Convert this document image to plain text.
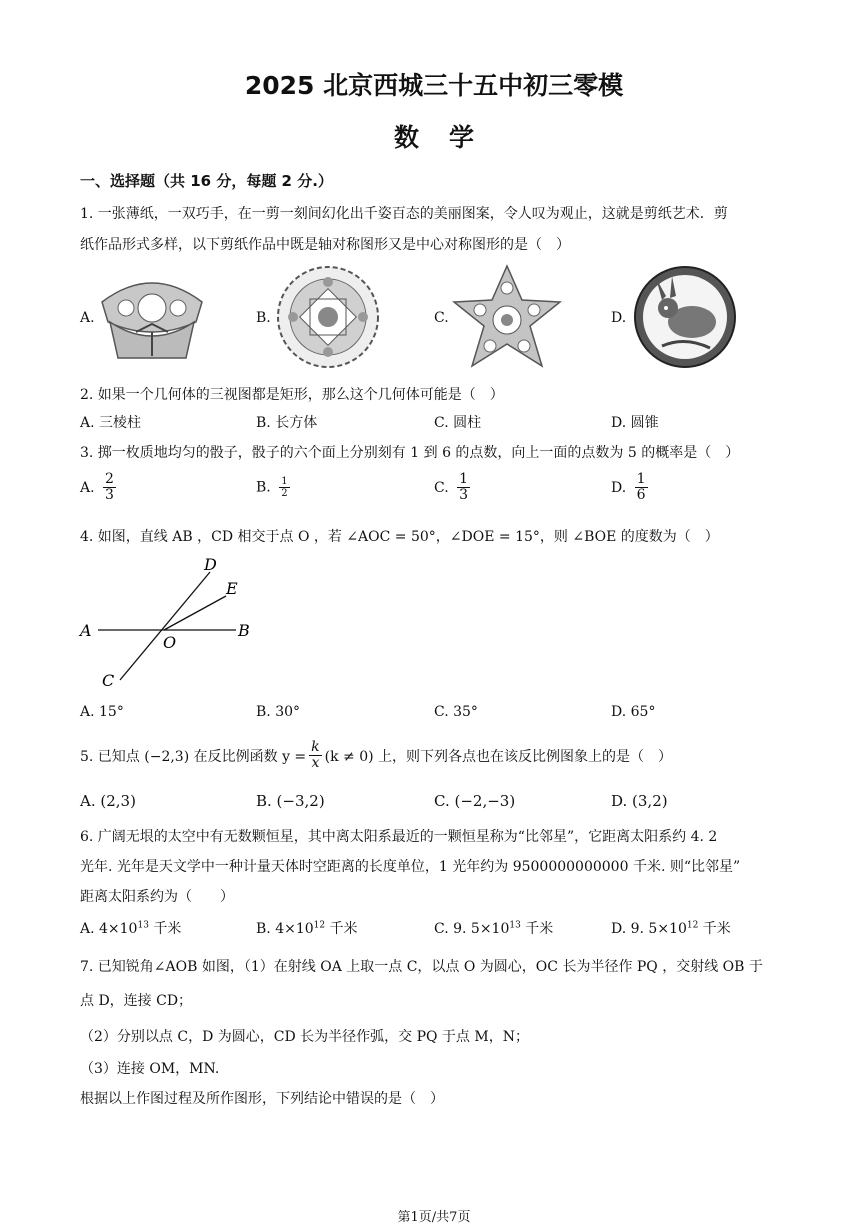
2025 北京西城三十五中初三零模
数学
一、选择题（共 16 分，每题 2 分.）
1. 一张薄纸，一双巧手，在一剪一刻间幻化出千姿百态的美丽图案，令人叹为观止，这就是剪纸艺术．剪
纸作品形式多样，以下剪纸作品中既是轴对称图形又是中心对称图形的是（　）
A.	B.	C.	D.
2. 如果一个几何体的三视图都是矩形，那么这个几何体可能是（　）
A. 三棱柱	B. 长方体	C. 圆柱	D. 圆锥
3. 掷一枚质地均匀的骰子，骰子的六个面上分别刻有 1 到 6 的点数，向上一面的点数为 5 的概率是（　）
A. $\frac{2}{3}$	B. $\frac{1}{2}$	C. $\frac{1}{3}$	D. $\frac{1}{6}$
4. 如图，直线 AB ，CD 相交于点 O ，若 ∠AOC = 50°，∠DOE = 15°，则 ∠BOE 的度数为（　）
A	B
C
D
E
O
A. 15°	B. 30°	C. 35°	D. 65°
5. 已知点 (−2,3) 在反比例函数 $y = \frac{k}{x} (k \ne 0)$ 上，则下列各点也在该反比例图象上的是（　）
A. (2,3)	B. (−3,2)	C. (−2,−3)	D. (3,2)
6. 广阔无垠的太空中有无数颗恒星，其中离太阳系最近的一颗恒星称为“比邻星”，它距离太阳系约 4. 2
光年. 光年是天文学中一种计量天体时空距离的长度单位，1 光年约为 9500000000000 千米. 则“比邻星”
距离太阳系约为（　　）
A. $4\times 10^{13}$ 千米	B. $4\times 10^{12}$ 千米	C. 9. $5\times 10^{13}$ 千米	D. 9. $5\times 10^{12}$ 千米
7. 已知锐角∠AOB 如图，（1）在射线 OA 上取一点 C，以点 O 为圆心，OC 长为半径作 PQ ，交射线 OB 于
点 D，连接 CD；
（2）分别以点 C，D 为圆心，CD 长为半径作弧，交 PQ 于点 M，N；
（3）连接 OM，MN.
根据以上作图过程及所作图形，下列结论中错误的是（　）
第1页/共7页
